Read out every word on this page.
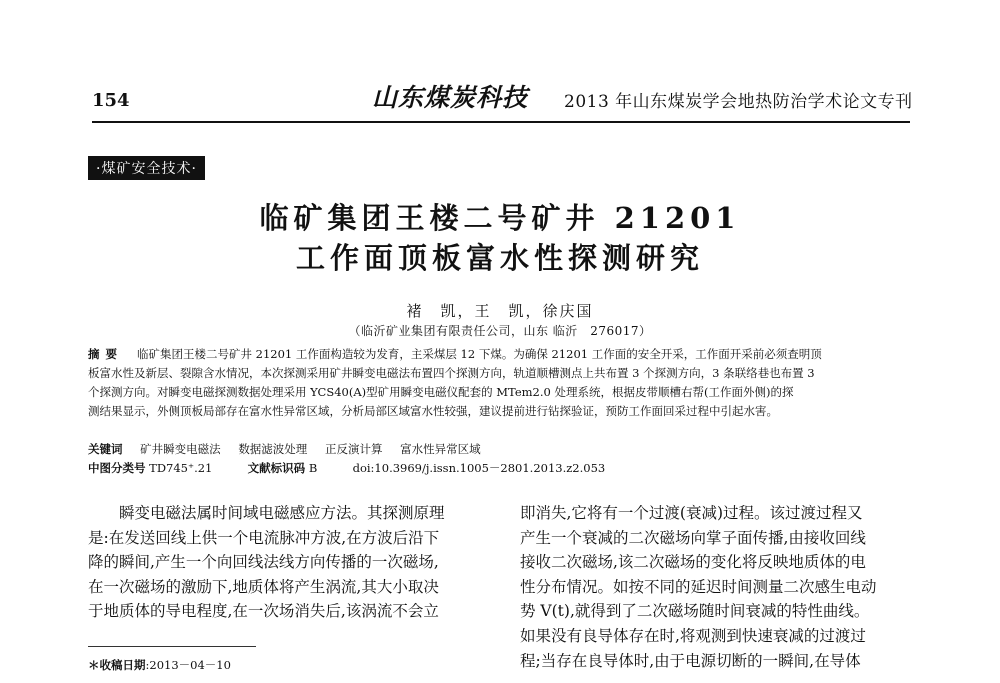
154	山东煤炭科技 2013 年山东煤炭学会地热防治学术论文专刊
·煤矿安全技术·
临矿集团王楼二号矿井 21201
工作面顶板富水性探测研究
褚　凯，王　凯，徐庆国
（临沂矿业集团有限责任公司，山东 临沂　276017）
摘要 临矿集团王楼二号矿井 21201 工作面构造较为发育，主采煤层 12 下煤。为确保 21201 工作面的安全开采，工作面开采前必须查明顶
板富水性及新层、裂隙含水情况，本次探测采用矿井瞬变电磁法布置四个探测方向，轨道顺槽测点上共布置 3 个探测方向，3 条联络巷也布置 3
个探测方向。对瞬变电磁探测数据处理采用 YCS40(A)型矿用瞬变电磁仪配套的 MTem2.0 处理系统，根据皮带顺槽右帮(工作面外侧)的探
测结果显示，外侧顶板局部存在富水性异常区域，分析局部区域富水性较强，建议提前进行钻探验证，预防工作面回采过程中引起水害。
关键词 矿井瞬变电磁法 数据滤波处理 正反演计算 富水性异常区域
中图分类号 TD745⁺.21	文献标识码 B	doi:10.3969/j.issn.1005－2801.2013.z2.053
瞬变电磁法属时间域电磁感应方法。其探测原理
是:在发送回线上供一个电流脉冲方波,在方波后沿下
降的瞬间,产生一个向回线法线方向传播的一次磁场,
在一次磁场的激励下,地质体将产生涡流,其大小取决
于地质体的导电程度,在一次场消失后,该涡流不会立
即消失,它将有一个过渡(衰减)过程。该过渡过程又
产生一个衰减的二次磁场向掌子面传播,由接收回线
接收二次磁场,该二次磁场的变化将反映地质体的电
性分布情况。如按不同的延迟时间测量二次感生电动
势 V(t),就得到了二次磁场随时间衰减的特性曲线。
如果没有良导体存在时,将观测到快速衰减的过渡过
程;当存在良导体时,由于电源切断的一瞬间,在导体
＊收稿日期:2013－04－10
